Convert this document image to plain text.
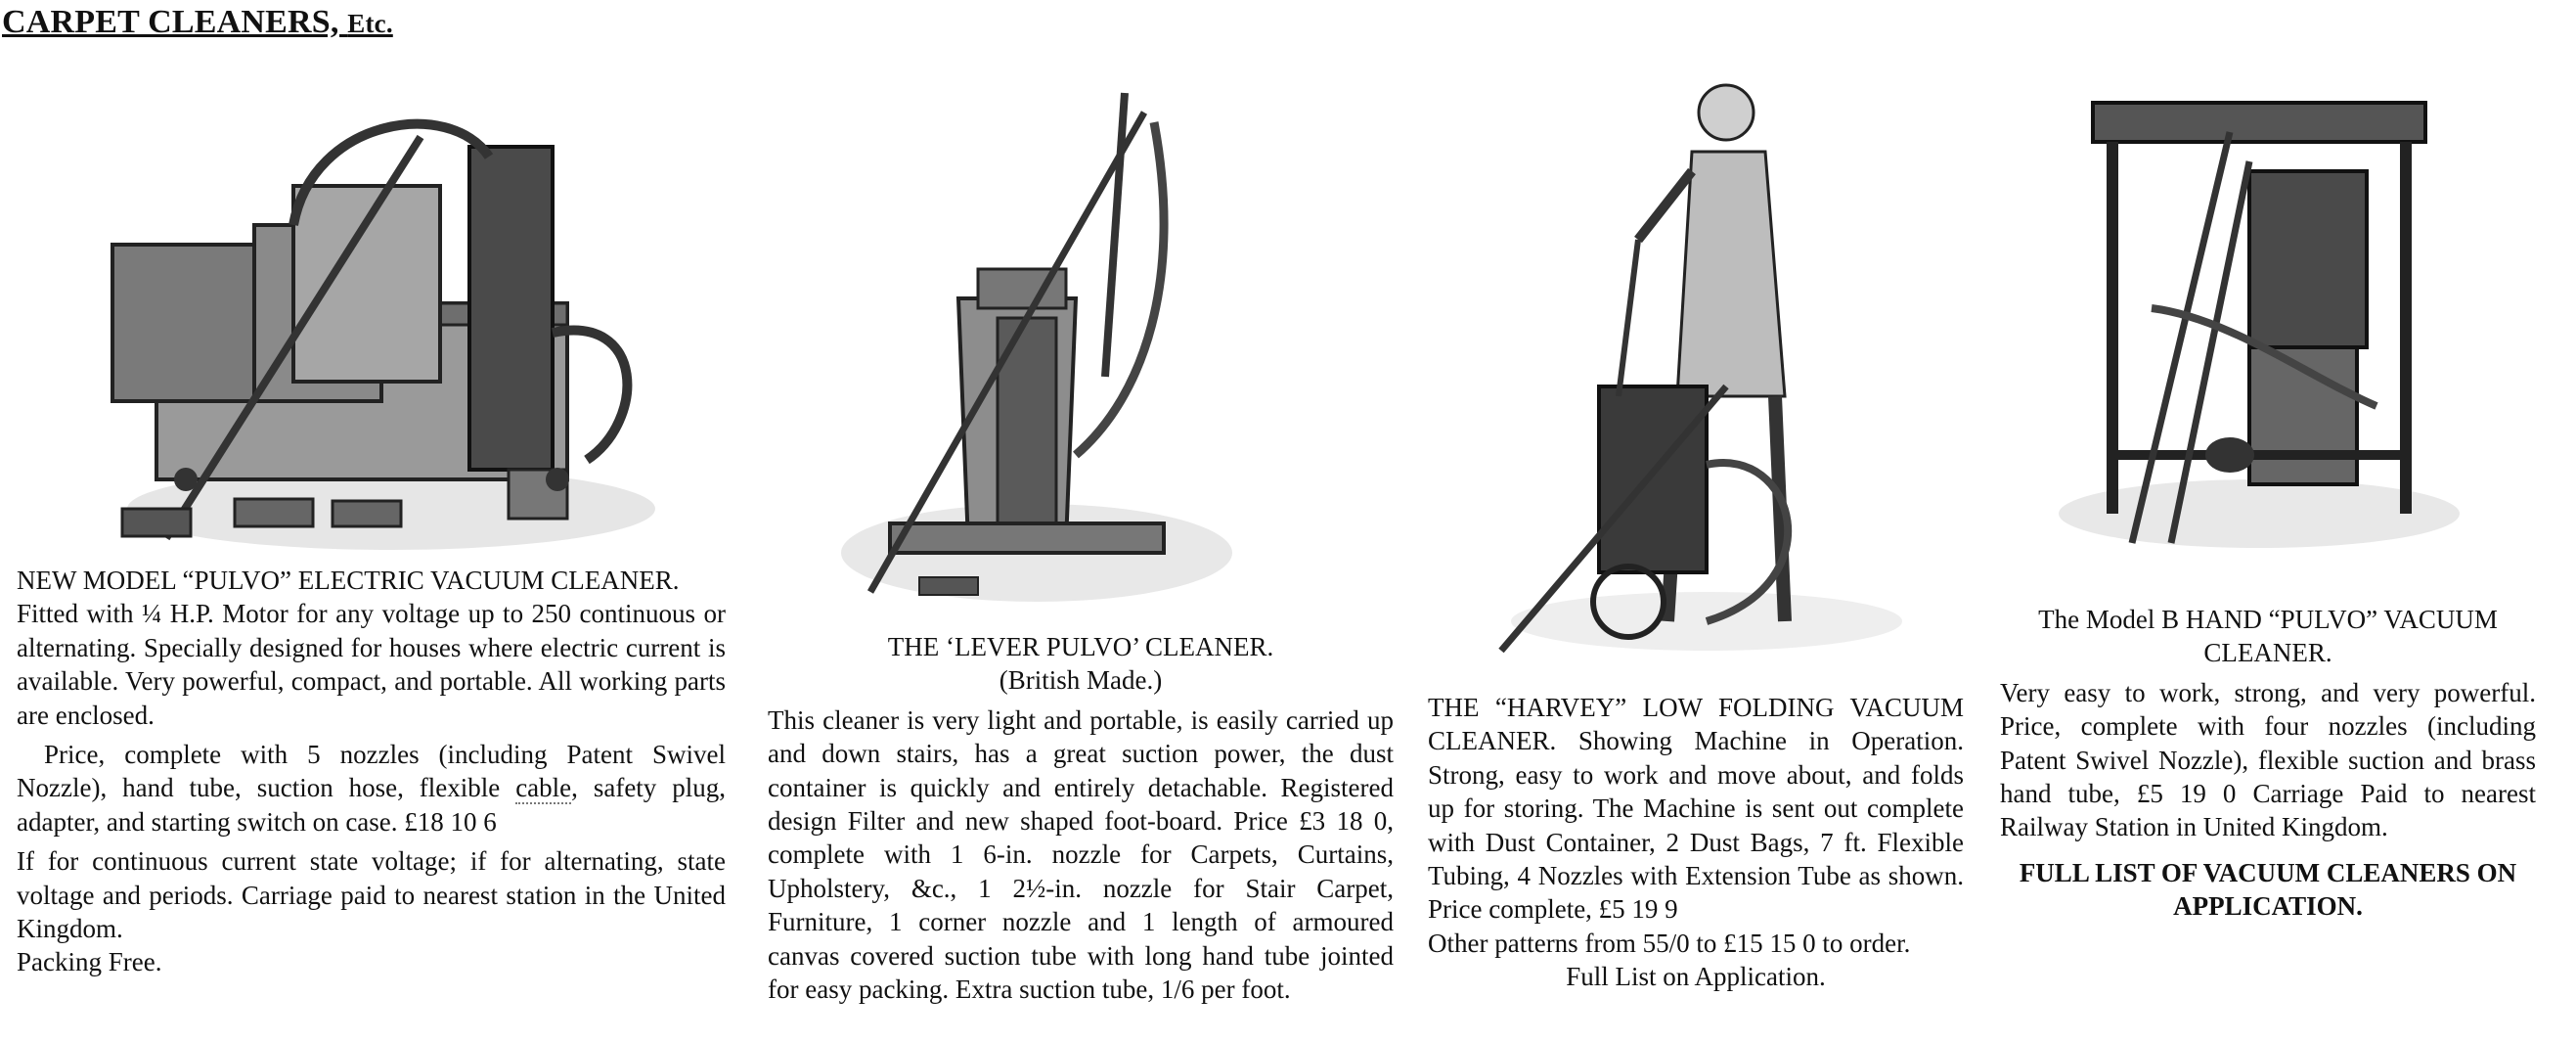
CARPET CLEANERS, Etc.

NEW MODEL “PULVO” ELECTRIC VACUUM CLEANER.

Fitted with ¼ H.P. Motor for any voltage up to 250 continuous or alternating. Specially designed for houses where electric current is available. Very powerful, compact, and portable. All working parts are enclosed.

Price, complete with 5 nozzles (including Patent Swivel Nozzle), hand tube, suction hose, flexible cable, safety plug, adapter, and starting switch on case. £18 10 6

If for continuous current state voltage; if for alternating, state voltage and periods. Carriage paid to nearest station in the United Kingdom.

Packing Free.

THE ‘LEVER PULVO’ CLEANER.

(British Made.)

This cleaner is very light and portable, is easily carried up and down stairs, has a great suction power, the dust container is quickly and entirely detachable. Registered design Filter and new shaped foot-board. Price £3 18 0, complete with 1 6-in. nozzle for Carpets, Curtains, Upholstery, &c., 1 2½-in. nozzle for Stair Carpet, Furniture, 1 corner nozzle and 1 length of armoured canvas covered suction tube with long hand tube jointed for easy packing. Extra suction tube, 1/6 per foot.

THE “HARVEY” LOW FOLDING VACUUM CLEANER. Showing Machine in Operation. Strong, easy to work and move about, and folds up for storing. The Machine is sent out complete with Dust Container, 2 Dust Bags, 7 ft. Flexible Tubing, 4 Nozzles with Extension Tube as shown. Price complete, £5 19 9

Other patterns from 55/0 to £15 15 0 to order.

Full List on Application.

The Model B HAND “PULVO” VACUUM CLEANER.

Very easy to work, strong, and very powerful. Price, complete with four nozzles (including Patent Swivel Nozzle), flexible suction and brass hand tube, £5 19 0 Carriage Paid to nearest Railway Station in United Kingdom.

FULL LIST OF VACUUM CLEANERS ON APPLICATION.
